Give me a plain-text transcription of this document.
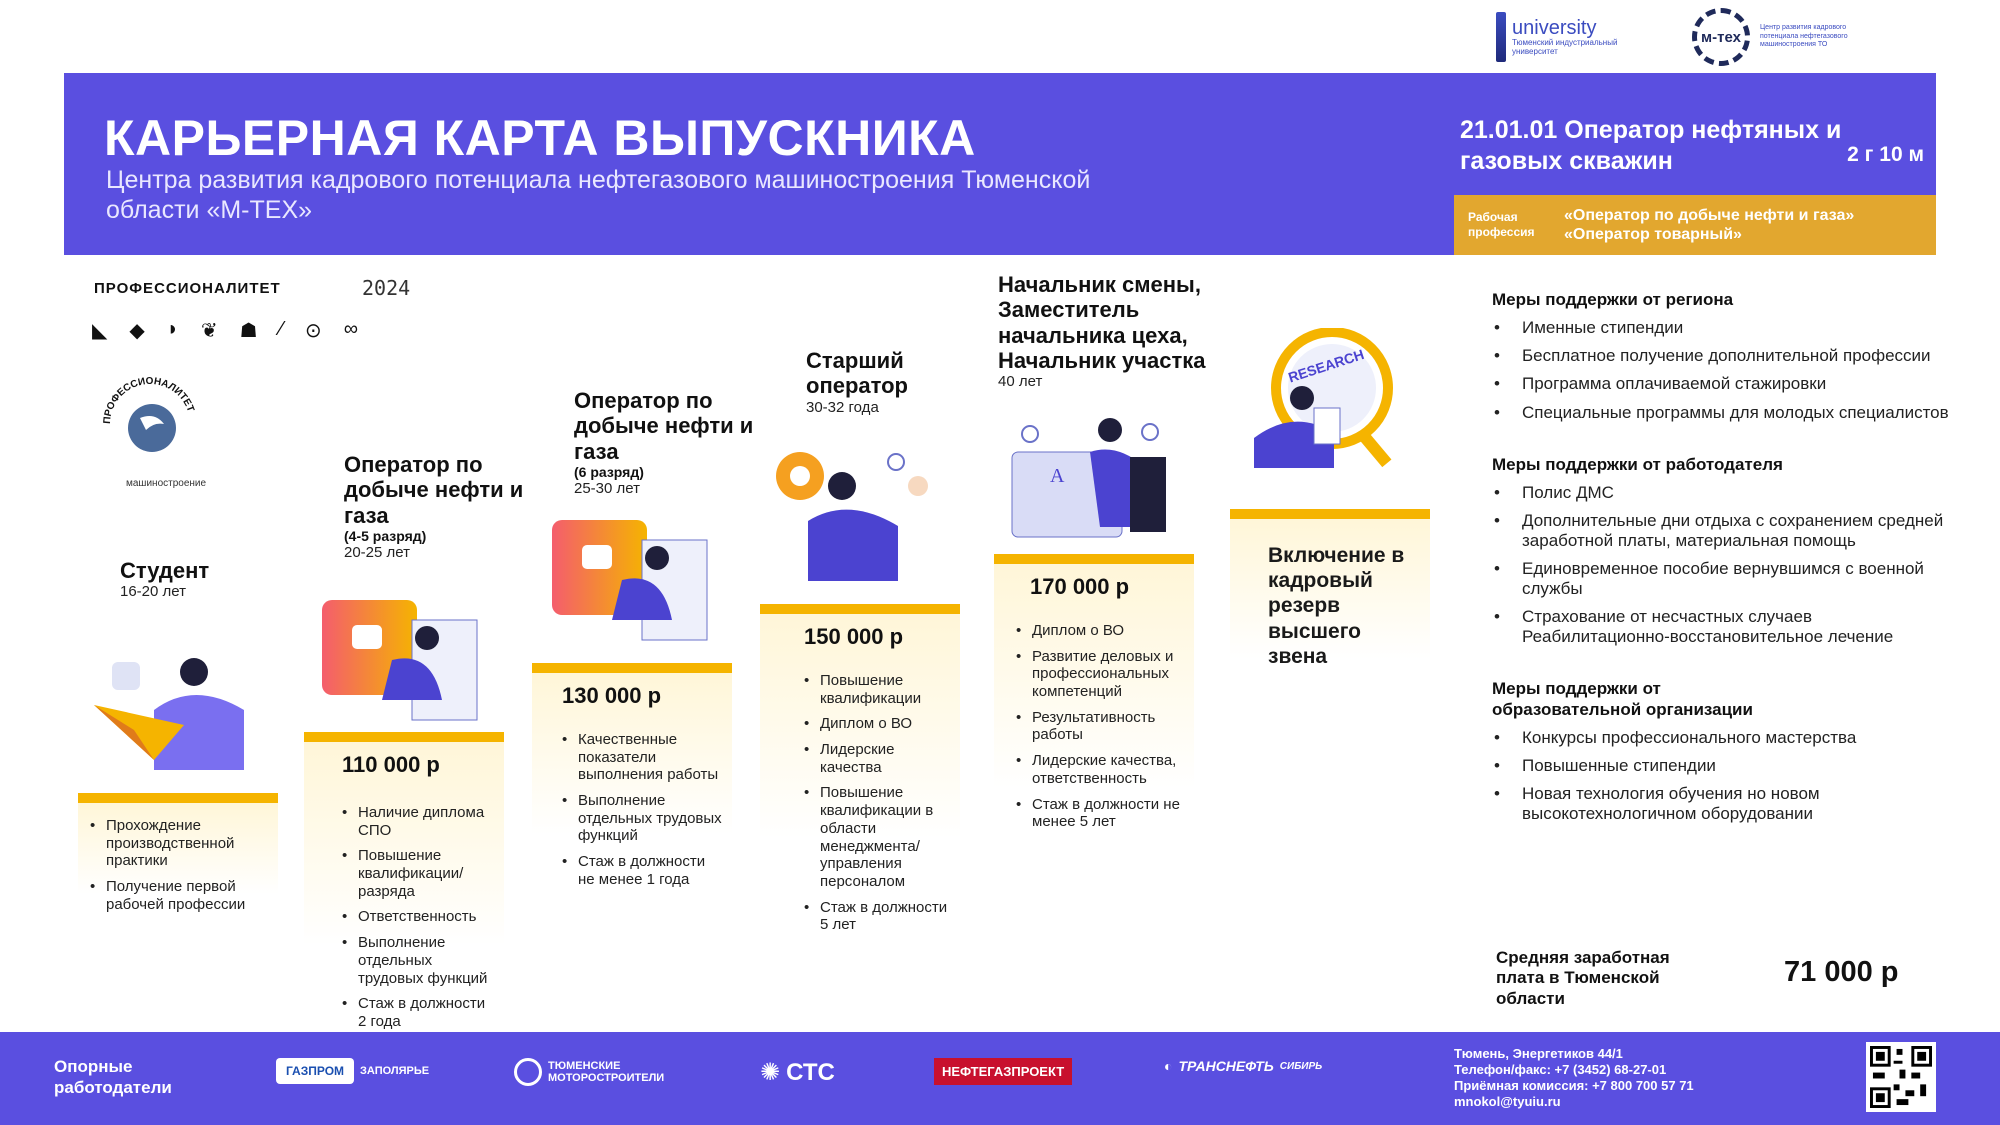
university
Тюменский индустриальный университет
м-тех
Центр развития кадрового потенциала нефтегазового машиностроения ТО
КАРЬЕРНАЯ КАРТА ВЫПУСКНИКА
Центра развития кадрового потенциала нефтегазового машиностроения Тюменской области «М-ТЕХ»
21.01.01 Оператор нефтяных и газовых скважин	2 г 10 м
Рабочая профессия
«Оператор по добыче нефти и газа»
«Оператор товарный»
ПРОФЕССИОНАЛИТЕТ	2024
◣ ◆ ◗ ❦ ☗ ⁄ ⊙ ∞
ПРОФЕССИОНАЛИТЕТ
машиностроение
Студент
16-20 лет
• Прохождение производственной практики
• Получение первой рабочей профессии
Оператор по добыче нефти и газа
(4-5 разряд)
20-25 лет
110 000 р
• Наличие диплома СПО
• Повышение квалификации/ разряда
• Ответственность
• Выполнение отдельных трудовых функций
• Стаж в должности 2 года
Оператор по добыче нефти и газа
(6 разряд)
25-30 лет
130 000 р
• Качественные показатели выполнения работы
• Выполнение отдельных трудовых функций
• Стаж в должности не менее 1 года
Старший оператор
30-32 года
150 000 р
• Повышение квалификации
• Диплом о ВО
• Лидерские качества
• Повышение квалификации в области менеджмента/ управления персоналом
• Стаж в должности 5 лет
Начальник смены, Заместитель начальника цеха, Начальник участка
40 лет
A
170 000 р
• Диплом о ВО
• Развитие деловых и профессиональных компетенций
• Результативность работы
• Лидерские качества, ответственность
• Стаж в должности не менее 5 лет
RESEARCH
Включение в кадровый резерв высшего звена
Меры поддержки от региона
• Именные стипендии
• Бесплатное получение дополнительной профессии
• Программа оплачиваемой стажировки
• Специальные программы для молодых специалистов
Меры поддержки от работодателя
• Полис ДМС
• Дополнительные дни отдыха с сохранением средней заработной платы, материальная помощь
• Единовременное пособие вернувшимся с военной службы
• Страхование от несчастных случаев Реабилитационно-восстановительное лечение
Меры поддержки от образовательной организации
• Конкурсы профессионального мастерства
• Повышенные стипендии
• Новая технология обучения но новом высокотехнологичном оборудовании
Средняя заработная плата в Тюменской области
71 000 р
Опорные работодатели
ГАЗПРОМ	ЗАПОЛЯРЬЕ	ТЮМЕНСКИЕ МОТОРОСТРОИТЕЛИ	✺ СТС	НЕФТЕГАЗПРОЕКТ	◐ ТРАНСНЕФТЬ СИБИРЬ
Тюмень, Энергетиков 44/1
Телефон/факс: +7 (3452) 68-27-01
Приёмная комиссия: +7 800 700 57 71
mnokol@tyuiu.ru
